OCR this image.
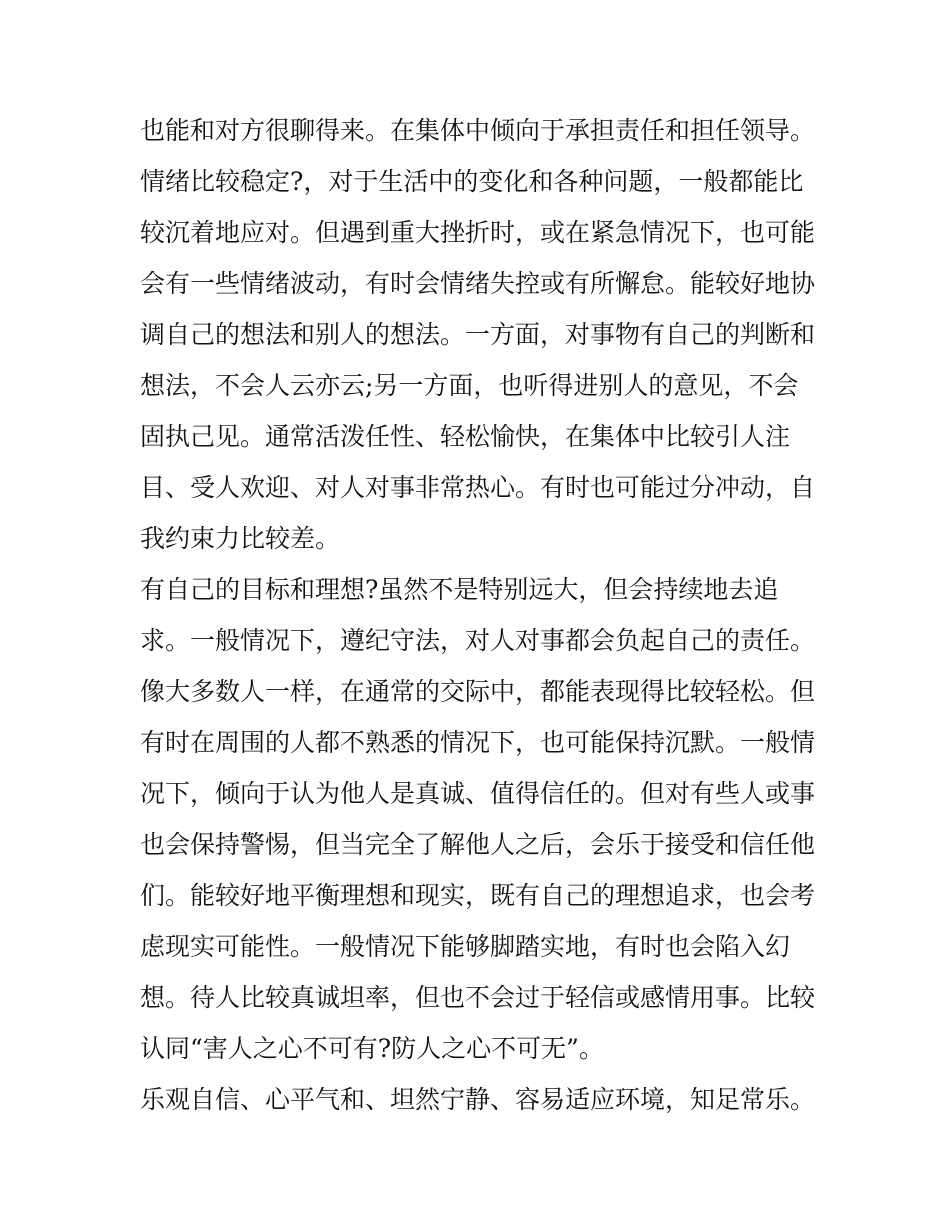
也能和对方很聊得来。在集体中倾向于承担责任和担任领导。
情绪比较稳定?，对于生活中的变化和各种问题，一般都能比
较沉着地应对。但遇到重大挫折时，或在紧急情况下，也可能
会有一些情绪波动，有时会情绪失控或有所懈怠。能较好地协
调自己的想法和别人的想法。一方面，对事物有自己的判断和
想法，不会人云亦云;另一方面，也听得进别人的意见，不会
固执己见。通常活泼任性、轻松愉快，在集体中比较引人注
目、受人欢迎、对人对事非常热心。有时也可能过分冲动，自
我约束力比较差。
有自己的目标和理想?虽然不是特别远大，但会持续地去追
求。一般情况下，遵纪守法，对人对事都会负起自己的责任。
像大多数人一样，在通常的交际中，都能表现得比较轻松。但
有时在周围的人都不熟悉的情况下，也可能保持沉默。一般情
况下，倾向于认为他人是真诚、值得信任的。但对有些人或事
也会保持警惕，但当完全了解他人之后，会乐于接受和信任他
们。能较好地平衡理想和现实，既有自己的理想追求，也会考
虑现实可能性。一般情况下能够脚踏实地，有时也会陷入幻
想。待人比较真诚坦率，但也不会过于轻信或感情用事。比较
认同“害人之心不可有?防人之心不可无”。
乐观自信、心平气和、坦然宁静、容易适应环境，知足常乐。
